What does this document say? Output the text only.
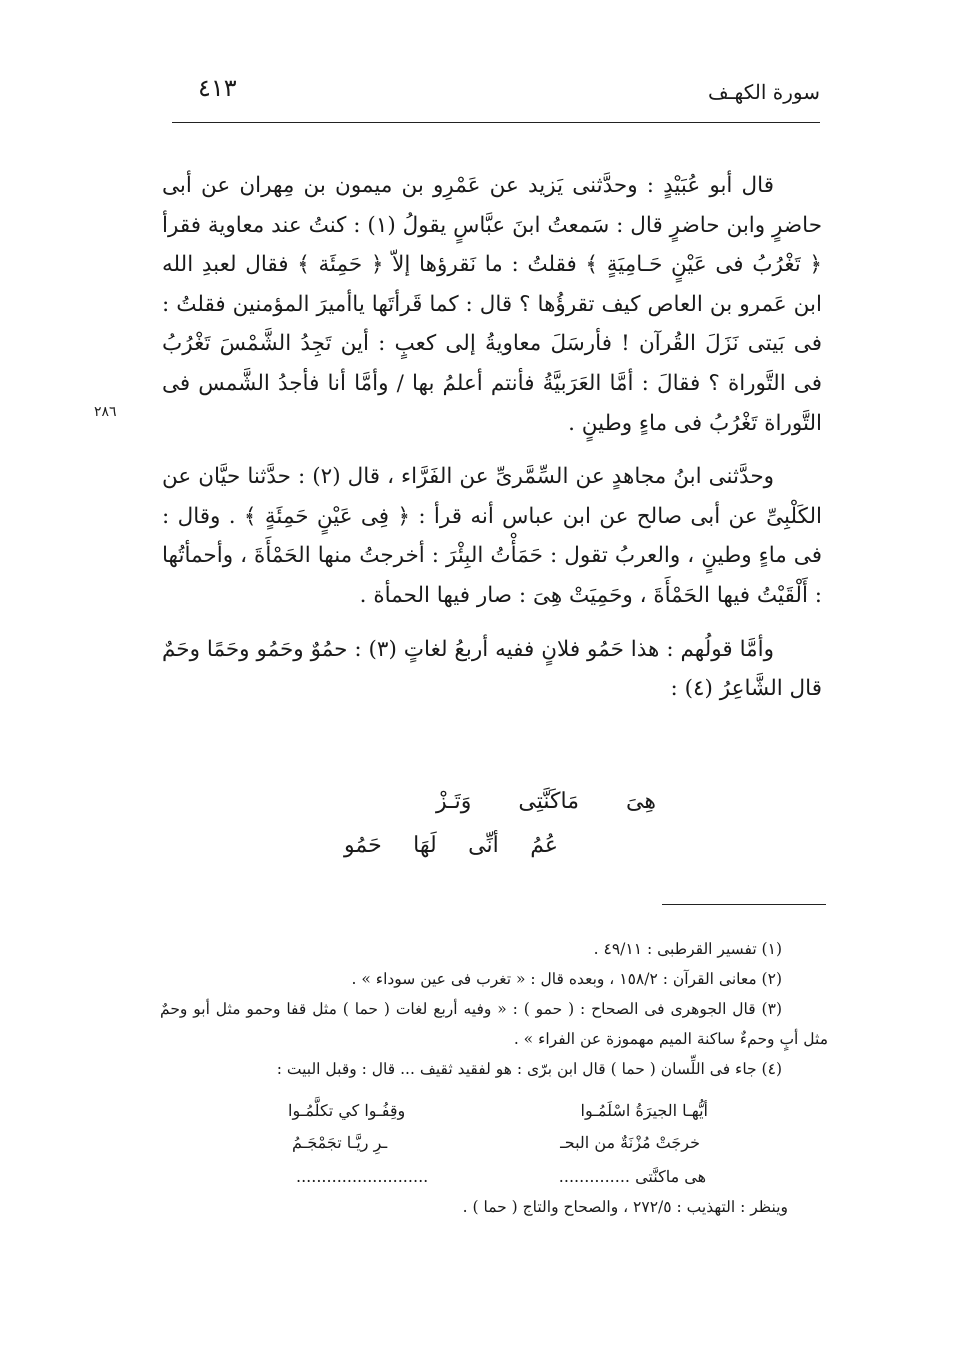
سورة الكهـف
٤١٣
٢٨٦

قال أبو عُبَيْدٍ : وحدَّثنى يَزيد عن عَمْرِو بن ميمون بن مِهران عن أبى حاضرٍ وابن حاضرٍ قال : سَمعتُ ابنَ عبَّاسٍ يقولُ (١) : كنتُ عند معاوية فقرأ ﴿ تَغْرُبُ فى عَيْنٍ حَـامِيَةٍ ﴾ فقلتُ : ما نَقرؤها إلاّ ﴿ حَمِئَة ﴾ فقال لعبدِ الله ابن عَمرو بن العاص كيف تقرؤُها ؟ قال : كما قَرأتَها ياأميرَ المؤمنين فقلتُ : فى بَيتى نَزَلَ القُرآن ! فأرسَلَ معاويةُ إلى كعبٍ : أين تَجِدُ الشَّمْسَ تَغْرُبُ فى التَّوراة ؟ فقالَ : أمَّا العَرَبيَّةُ فأنتم أعلمُ بها / وأمَّا أنا فأجدُ الشَّمس فى التَّوراة تَغْرُبُ فى ماءٍ وطينٍ .

وحدَّثنى ابنُ مجاهدٍ عن السِّمَّرىِّ عن الفَرَّاء ، قال (٢) : حدَّثنا حيَّان عن الكَلْبِىِّ عن أبى صالح عن ابن عباس أنه قرأ : ﴿ فِى عَيْنٍ حَمِئَةٍ ﴾ . وقال : فى ماءٍ وطينٍ ، والعربُ تقول : حَمَأْتُ البِئْرَ : أخرجتُ منها الحَمْأَةَ ، وأحمأتُها : أَلْقَيْتُ فيها الحَمْأَةَ ، وحَمِيَتْ هِىَ : صار فيها الحمأة .

وأمَّا قولُهم : هذا حَمُو فلانٍ ففيه أربعُ لغاتٍ (٣) : حمُوٌ وحَمُو وحَمًا وحَمٌ قال الشَّاعِرُ (٤) :

هِىَ
مَاكَنَّتِى
وَتَـزْ
عُمُ
أنِّى
لَهَا
حَمُو

(١) تفسير القرطبى : ٤٩/١١ .

(٢) معانى القرآن : ١٥٨/٢ ، وبعده قال : « تغرب فى عين سوداء » .

(٣) قال الجوهرى فى الصحاح : ( حمو ) : « وفيه أربع لغات ( حما ) مثل قفا وحمو مثل أبو وحمٌ مثل أبٍ وحمءٌ ساكنة الميم مهموزة عن الفراء » .

(٤) جاء فى اللِّسان ( حما ) قال ابن برّى : هو لفقيد ثقيف ... قال : وقبل البيت :

أيُّهـا الجيرَةُ اسْلَمُـوا
وقِفُـوا كي تكلَّمُـوا
خرجَتْ مُزْنَةٌ من البحـ
ـرِ ريَّـا تجَمْجَـمُ
هى ماكنَّتى ..............
..........................
وينظر : التهذيب : ٢٧٢/٥ ، والصحاح والتاج ( حما ) .
